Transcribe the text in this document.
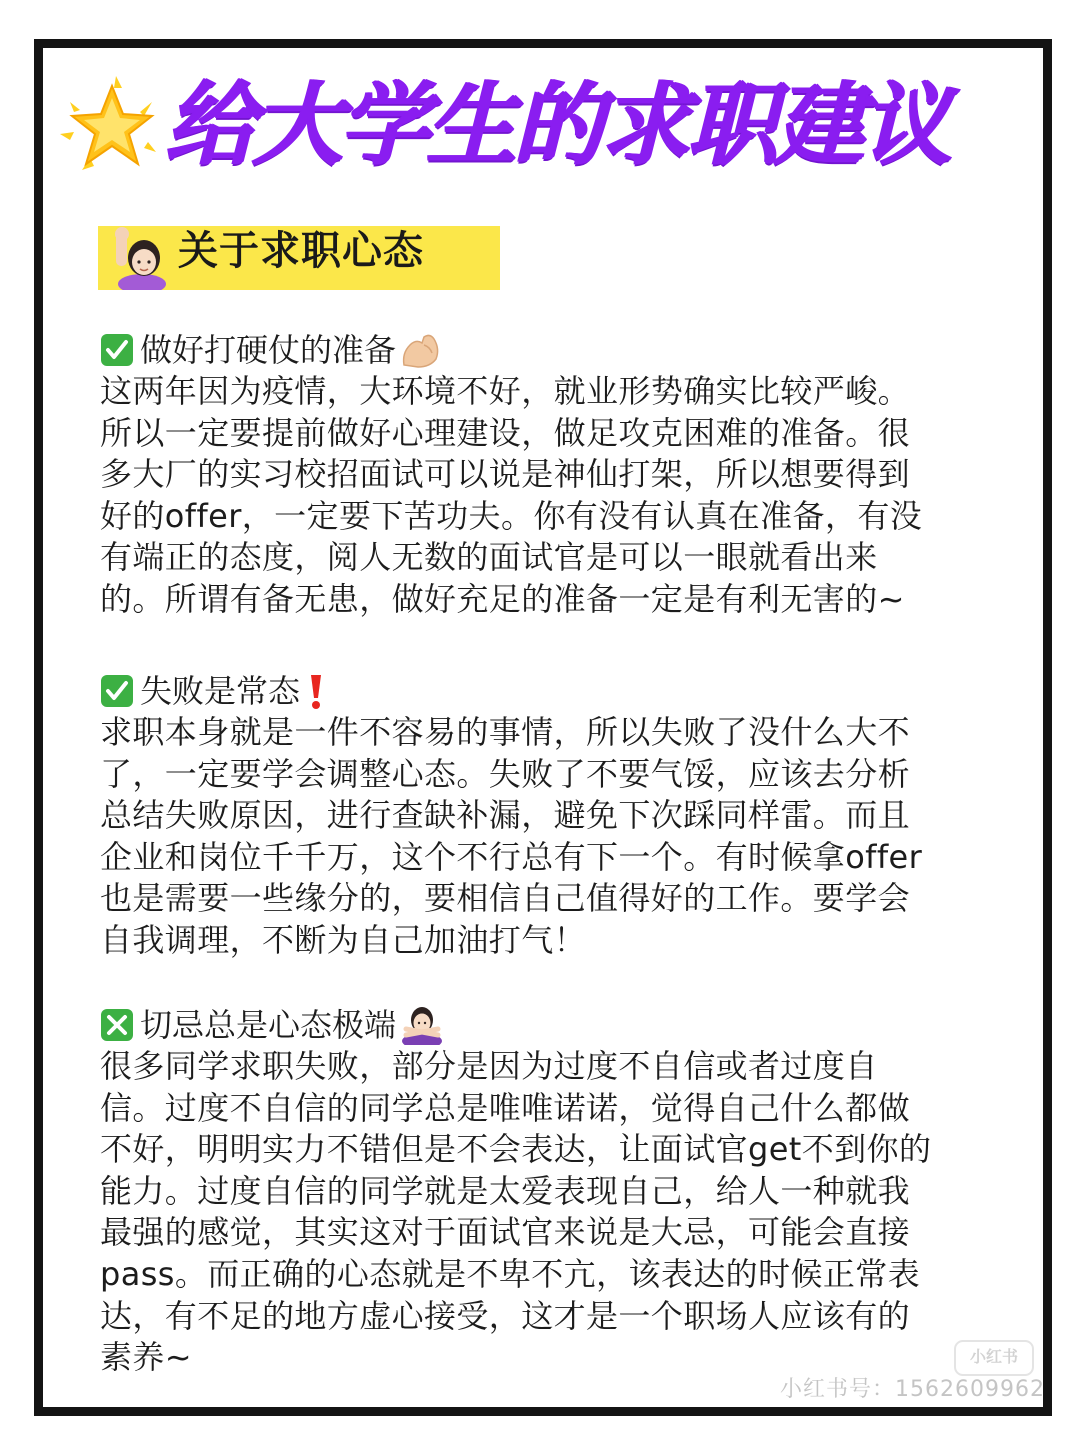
给大学生的求职建议
关于求职心态
做好打硬仗的准备

这两年因为疫情，大环境不好，就业形势确实比较严峻。
所以一定要提前做好心理建设，做足攻克困难的准备。很
多大厂的实习校招面试可以说是神仙打架，所以想要得到
好的offer，一定要下苦功夫。你有没有认真在准备，有没
有端正的态度，阅人无数的面试官是可以一眼就看出来
的。所谓有备无患，做好充足的准备一定是有利无害的~

失败是常态

求职本身就是一件不容易的事情，所以失败了没什么大不
了，一定要学会调整心态。失败了不要气馁，应该去分析
总结失败原因，进行查缺补漏，避免下次踩同样雷。而且
企业和岗位千千万，这个不行总有下一个。有时候拿offer
也是需要一些缘分的，要相信自己值得好的工作。要学会
自我调理，不断为自己加油打气！

切忌总是心态极端

很多同学求职失败，部分是因为过度不自信或者过度自
信。过度不自信的同学总是唯唯诺诺，觉得自己什么都做
不好，明明实力不错但是不会表达，让面试官get不到你的
能力。过度自信的同学就是太爱表现自己，给人一种就我
最强的感觉，其实这对于面试官来说是大忌，可能会直接
pass。而正确的心态就是不卑不亢，该表达的时候正常表
达，有不足的地方虚心接受，这才是一个职场人应该有的
素养~	小红书
小红书号：1562609962
